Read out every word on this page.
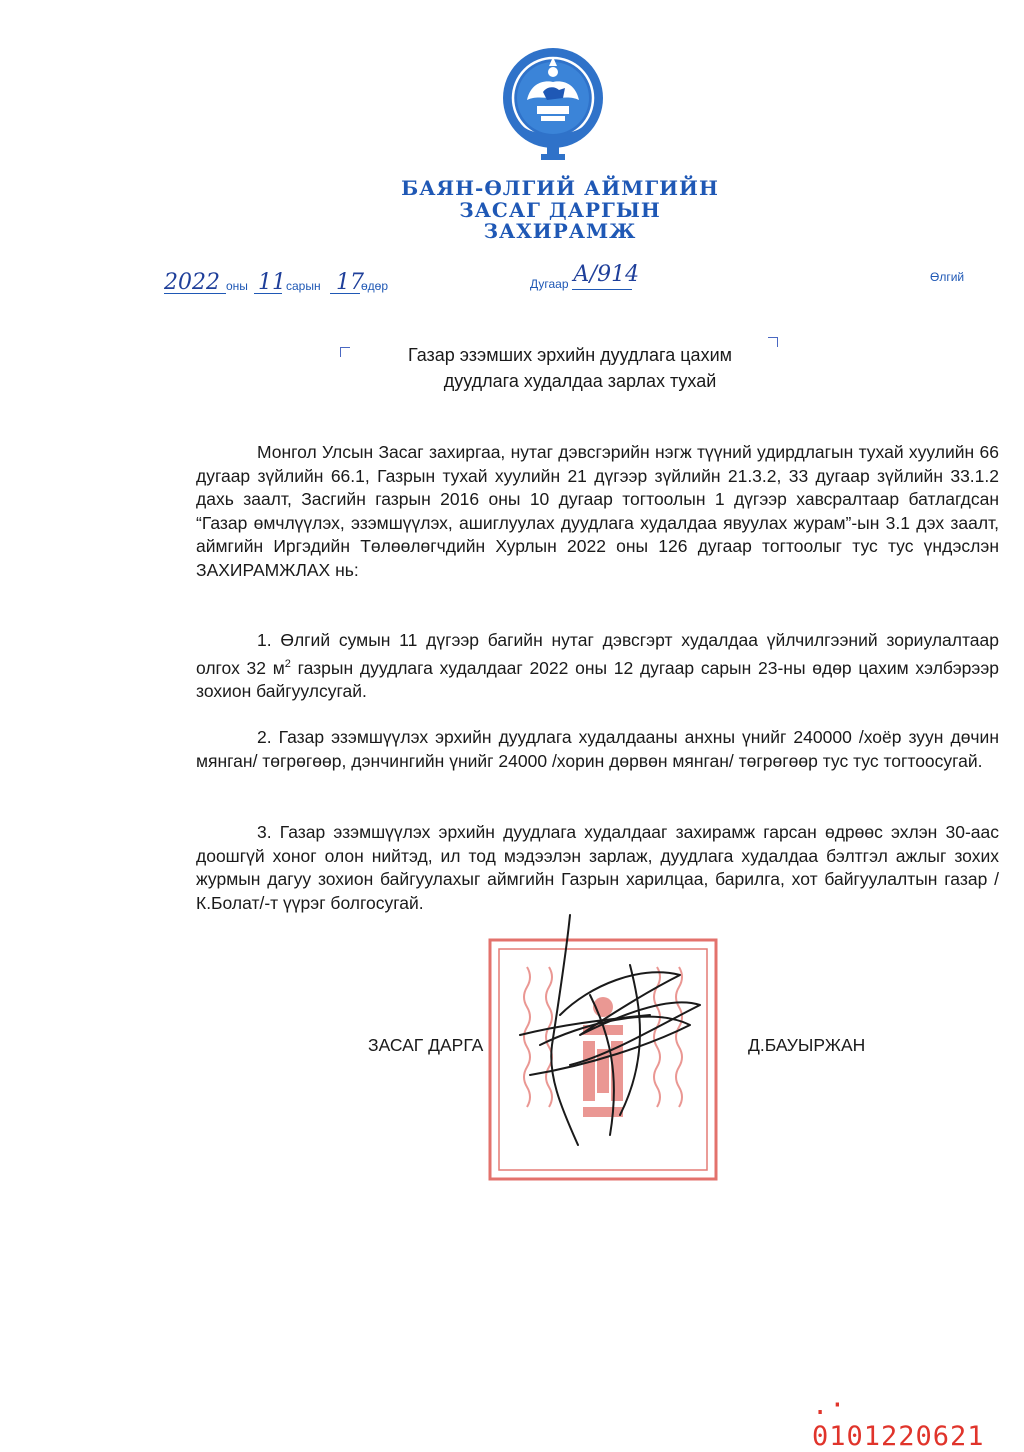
БАЯН-ӨЛГИЙ АЙМГИЙН
ЗАСАГ ДАРГЫН
ЗАХИРАМЖ
2022 оны 11 сарын 17
өдөр	Дугаар А/914	Өлгий
Газар эзэмших эрхийн дуудлага цахим
дуудлага худалдаа зарлах тухай

Монгол Улсын Засаг захиргаа, нутаг дэвсгэрийн нэгж түүний удирдлагын тухай хуулийн 66 дугаар зүйлийн 66.1, Газрын тухай хуулийн 21 дүгээр зүйлийн 21.3.2, 33 дугаар зүйлийн 33.1.2 дахь заалт, Засгийн газрын 2016 оны 10 дугаар тогтоолын 1 дүгээр хавсралтаар батлагдсан “Газар өмчлүүлэх, эзэмшүүлэх, ашиглуулах дуудлага худалдаа явуулах журам”-ын 3.1 дэх заалт, аймгийн Иргэдийн Төлөөлөгчдийн Хурлын 2022 оны 126 дугаар тогтоолыг тус тус үндэслэн ЗАХИРАМЖЛАХ нь:

1. Өлгий сумын 11 дүгээр багийн нутаг дэвсгэрт худалдаа үйлчилгээний зориулалтаар олгох 32 $м^2$ газрын дуудлага худалдааг 2022 оны 12 дугаар сарын 23-ны өдөр цахим хэлбэрээр зохион байгуулсугай.

2. Газар эзэмшүүлэх эрхийн дуудлага худалдааны анхны үнийг 240000 /хоёр зуун дөчин мянган/ төгрөгөөр, дэнчингийн үнийг 24000 /хорин дөрвөн мянган/ төгрөгөөр тус тус тогтоосугай.

3. Газар эзэмшүүлэх эрхийн дуудлага худалдааг захирамж гарсан өдрөөс эхлэн 30-аас доошгүй хоног олон нийтэд, ил тод мэдээлэн зарлаж, дуудлага худалдаа бэлтгэл ажлыг зохих журмын дагуу зохион байгуулахыг аймгийн Газрын харилцаа, барилга, хот байгуулалтын газар /К.Болат/-т үүрэг болгосугай.

ЗАСАГ ДАРГА	Д.БАУЫРЖАН
.· 0101220621
